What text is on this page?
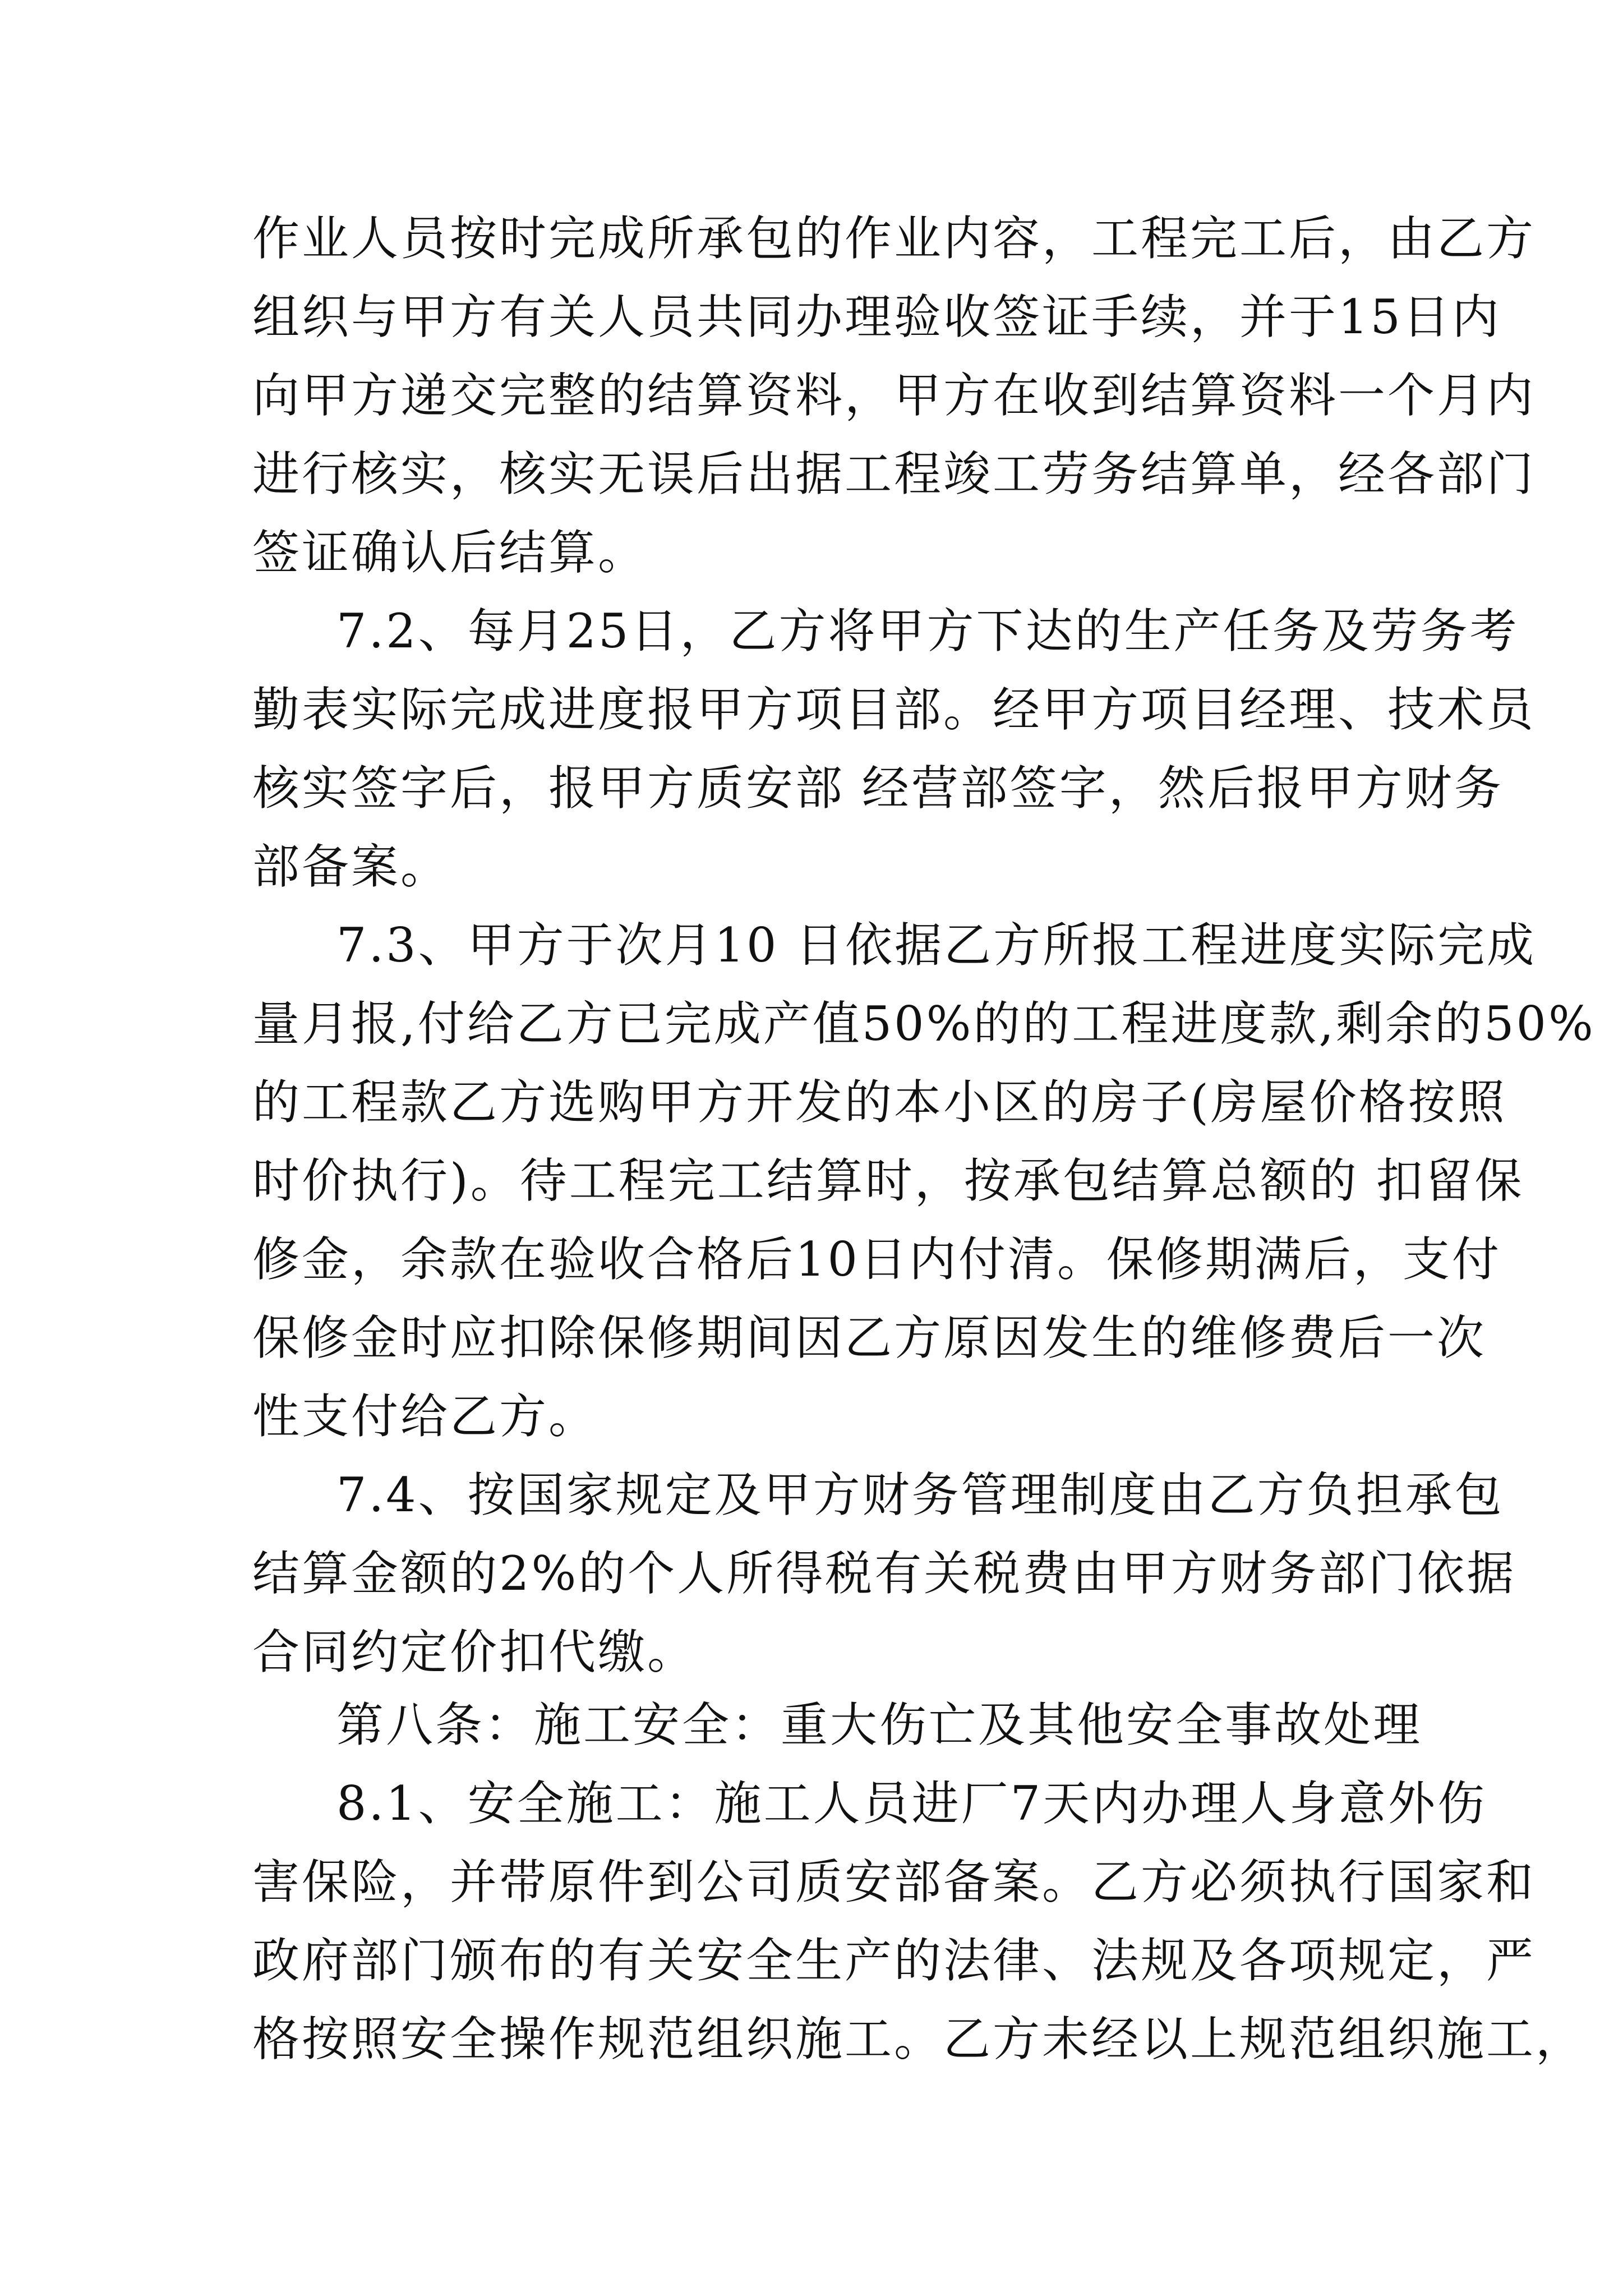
作业人员按时完成所承包的作业内容，工程完工后，由乙方
组织与甲方有关人员共同办理验收签证手续，并于15日内
向甲方递交完整的结算资料，甲方在收到结算资料一个月内
进行核实，核实无误后出据工程竣工劳务结算单，经各部门
签证确认后结算。
7.2、每月25日，乙方将甲方下达的生产任务及劳务考
勤表实际完成进度报甲方项目部。经甲方项目经理、技术员
核实签字后，报甲方质安部 经营部签字，然后报甲方财务
部备案。
7.3、甲方于次月10 日依据乙方所报工程进度实际完成
量月报,付给乙方已完成产值50%的的工程进度款,剩余的50%
的工程款乙方选购甲方开发的本小区的房子(房屋价格按照
时价执行)。待工程完工结算时，按承包结算总额的 扣留保
修金，余款在验收合格后10日内付清。保修期满后，支付
保修金时应扣除保修期间因乙方原因发生的维修费后一次
性支付给乙方。
7.4、按国家规定及甲方财务管理制度由乙方负担承包
结算金额的2%的个人所得税有关税费由甲方财务部门依据
合同约定价扣代缴。
第八条：施工安全：重大伤亡及其他安全事故处理
8.1、安全施工：施工人员进厂7天内办理人身意外伤
害保险，并带原件到公司质安部备案。乙方必须执行国家和
政府部门颁布的有关安全生产的法律、法规及各项规定，严
格按照安全操作规范组织施工。乙方未经以上规范组织施工，
